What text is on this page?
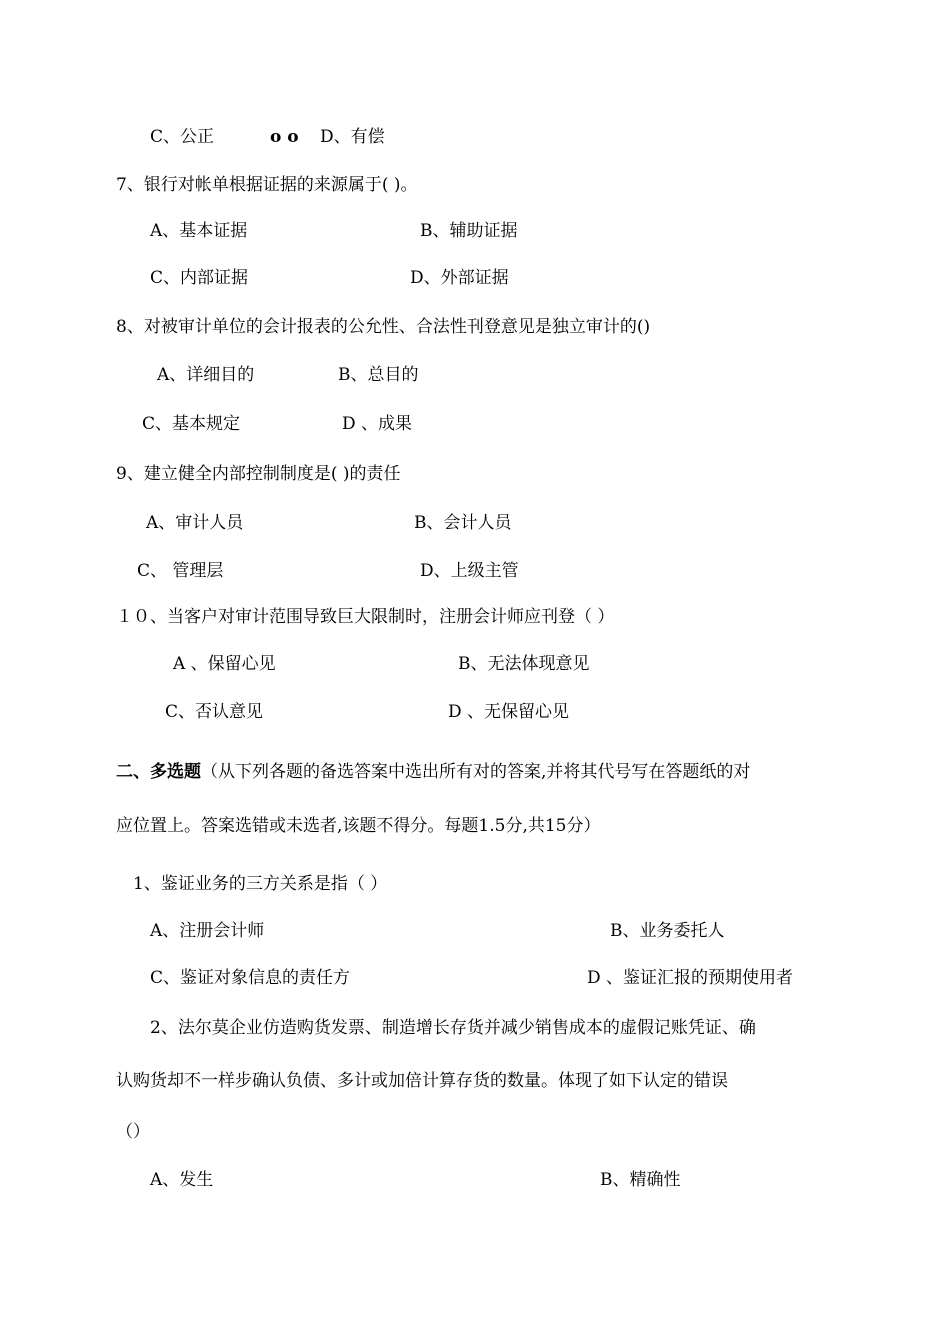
C、公正	o o D、有偿
7、银行对帐单根据证据的来源属于( )。
A、基本证据	B、辅助证据
C、内部证据	D、外部证据
8、对被审计单位的会计报表的公允性、合法性刊登意见是独立审计的()
A、详细目的	B、总目的
C、基本规定	D 、成果
9、建立健全内部控制制度是( )的责任
A、审计人员	B、会计人员
C、 管理层	D、上级主管
１０、当客户对审计范围导致巨大限制时，注册会计师应刊登（ ）
A 、保留心见	B、无法体现意见
C、否认意见	D 、无保留心见
二、多选题（从下列各题的备选答案中选出所有对的答案,并将其代号写在答题纸的对
应位置上。答案选错或未选者,该题不得分。每题1.5分,共15分）
1、鉴证业务的三方关系是指（ ）
A、注册会计师	B、业务委托人
C、鉴证对象信息的责任方	D 、鉴证汇报的预期使用者
2、法尔莫企业仿造购货发票、制造增长存货并减少销售成本的虚假记账凭证、确
认购货却不一样步确认负债、多计或加倍计算存货的数量。体现了如下认定的错误
（）
A、发生	B、精确性
